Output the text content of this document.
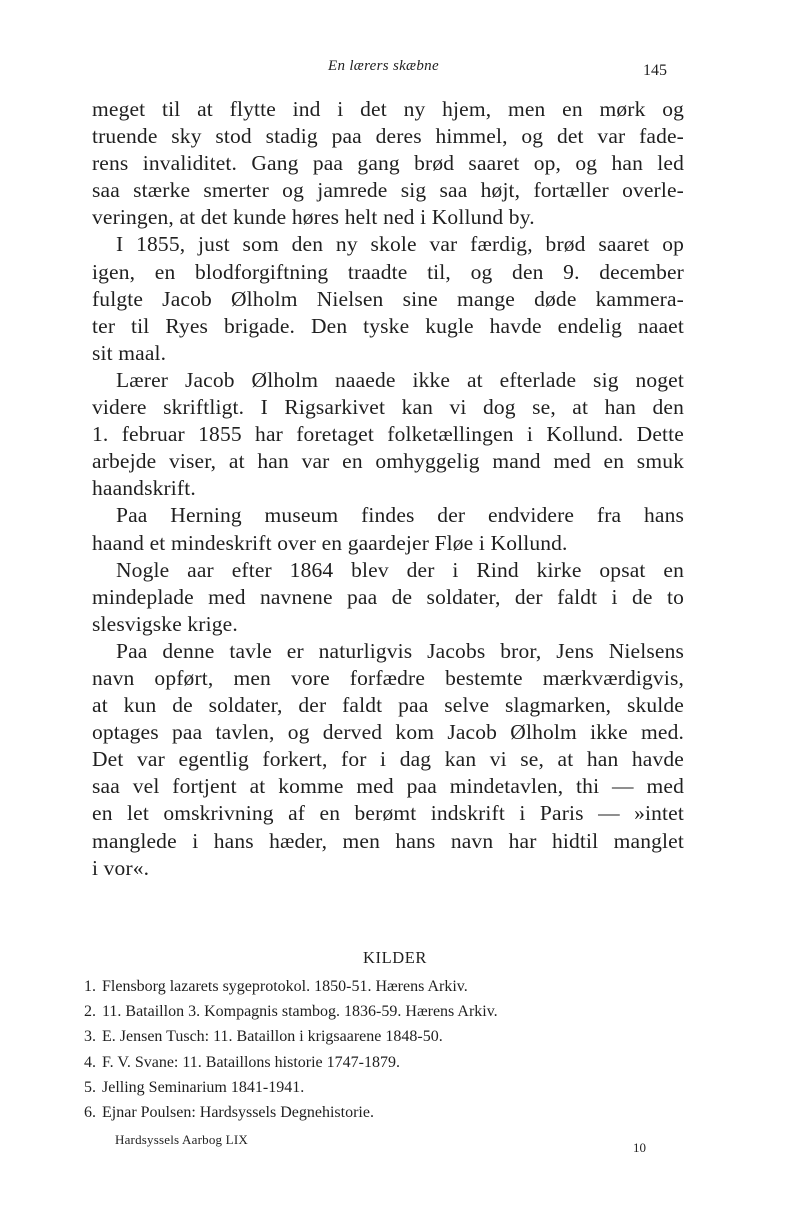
En lærers skæbne	145
meget til at flytte ind i det ny hjem, men en mørk og
truende sky stod stadig paa deres himmel, og det var fade-
rens invaliditet. Gang paa gang brød saaret op, og han led
saa stærke smerter og jamrede sig saa højt, fortæller overle-
veringen, at det kunde høres helt ned i Kollund by.
I 1855, just som den ny skole var færdig, brød saaret op
igen, en blodforgiftning traadte til, og den 9. december
fulgte Jacob Ølholm Nielsen sine mange døde kammera-
ter til Ryes brigade. Den tyske kugle havde endelig naaet
sit maal.
Lærer Jacob Ølholm naaede ikke at efterlade sig noget
videre skriftligt. I Rigsarkivet kan vi dog se, at han den
1. februar 1855 har foretaget folketællingen i Kollund. Dette
arbejde viser, at han var en omhyggelig mand med en smuk
haandskrift.
Paa Herning museum findes der endvidere fra hans
haand et mindeskrift over en gaardejer Fløe i Kollund.
Nogle aar efter 1864 blev der i Rind kirke opsat en
mindeplade med navnene paa de soldater, der faldt i de to
slesvigske krige.
Paa denne tavle er naturligvis Jacobs bror, Jens Nielsens
navn opført, men vore forfædre bestemte mærkværdigvis,
at kun de soldater, der faldt paa selve slagmarken, skulde
optages paa tavlen, og derved kom Jacob Ølholm ikke med.
Det var egentlig forkert, for i dag kan vi se, at han havde
saa vel fortjent at komme med paa mindetavlen, thi — med
en let omskrivning af en berømt indskrift i Paris — »intet
manglede i hans hæder, men hans navn har hidtil manglet
i vor«.
KILDER
1. Flensborg lazarets sygeprotokol. 1850-51. Hærens Arkiv.
2. 11. Bataillon 3. Kompagnis stambog. 1836-59. Hærens Arkiv.
3. E. Jensen Tusch: 11. Bataillon i krigsaarene 1848-50.
4. F. V. Svane: 11. Bataillons historie 1747-1879.
5. Jelling Seminarium 1841-1941.
6. Ejnar Poulsen: Hardsyssels Degnehistorie.
Hardsyssels Aarbog LIX
10
